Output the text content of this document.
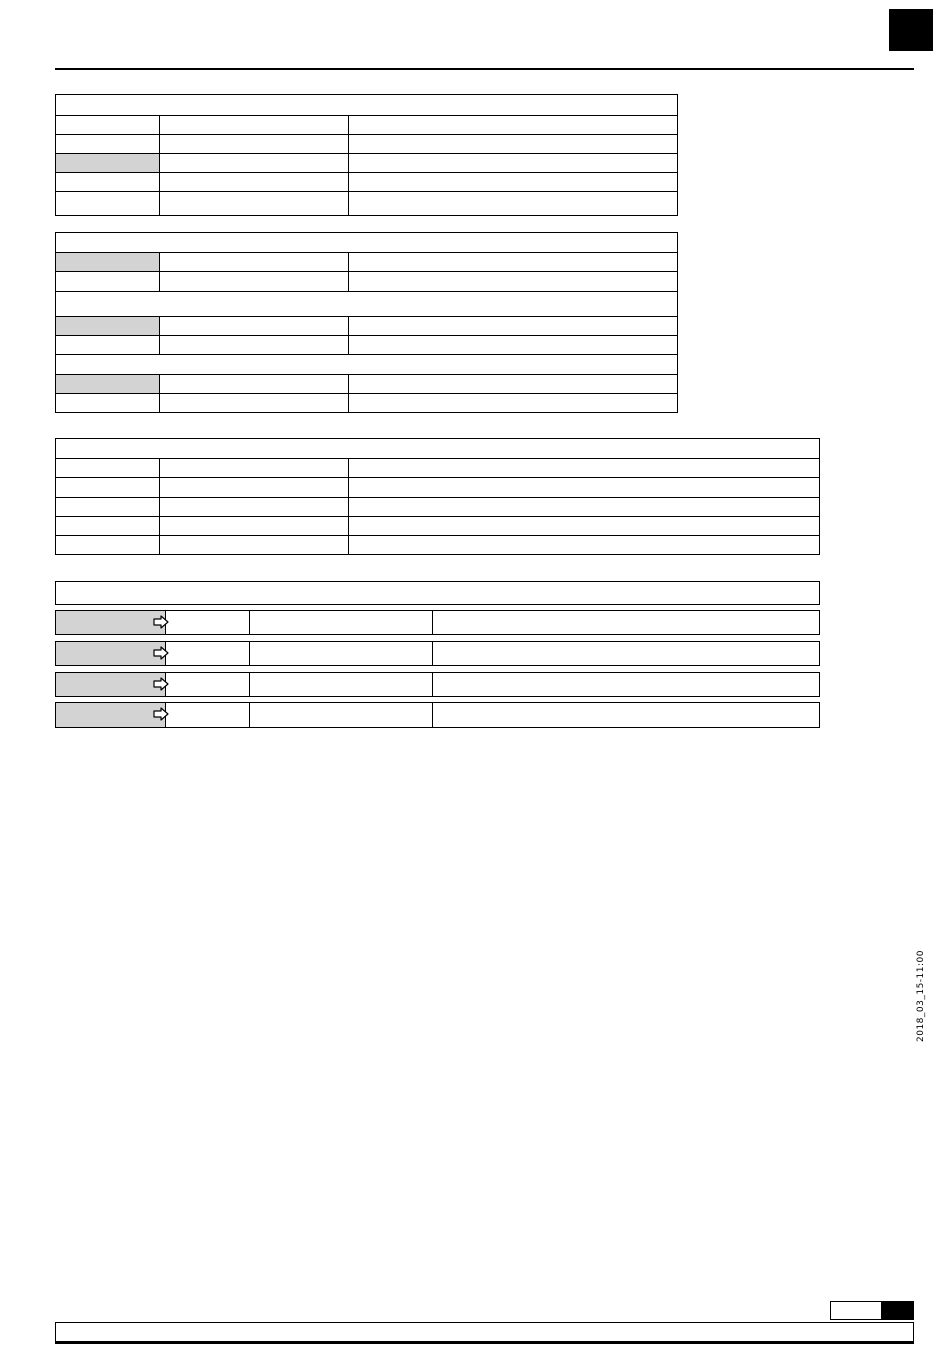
2018_03_15-11:00
